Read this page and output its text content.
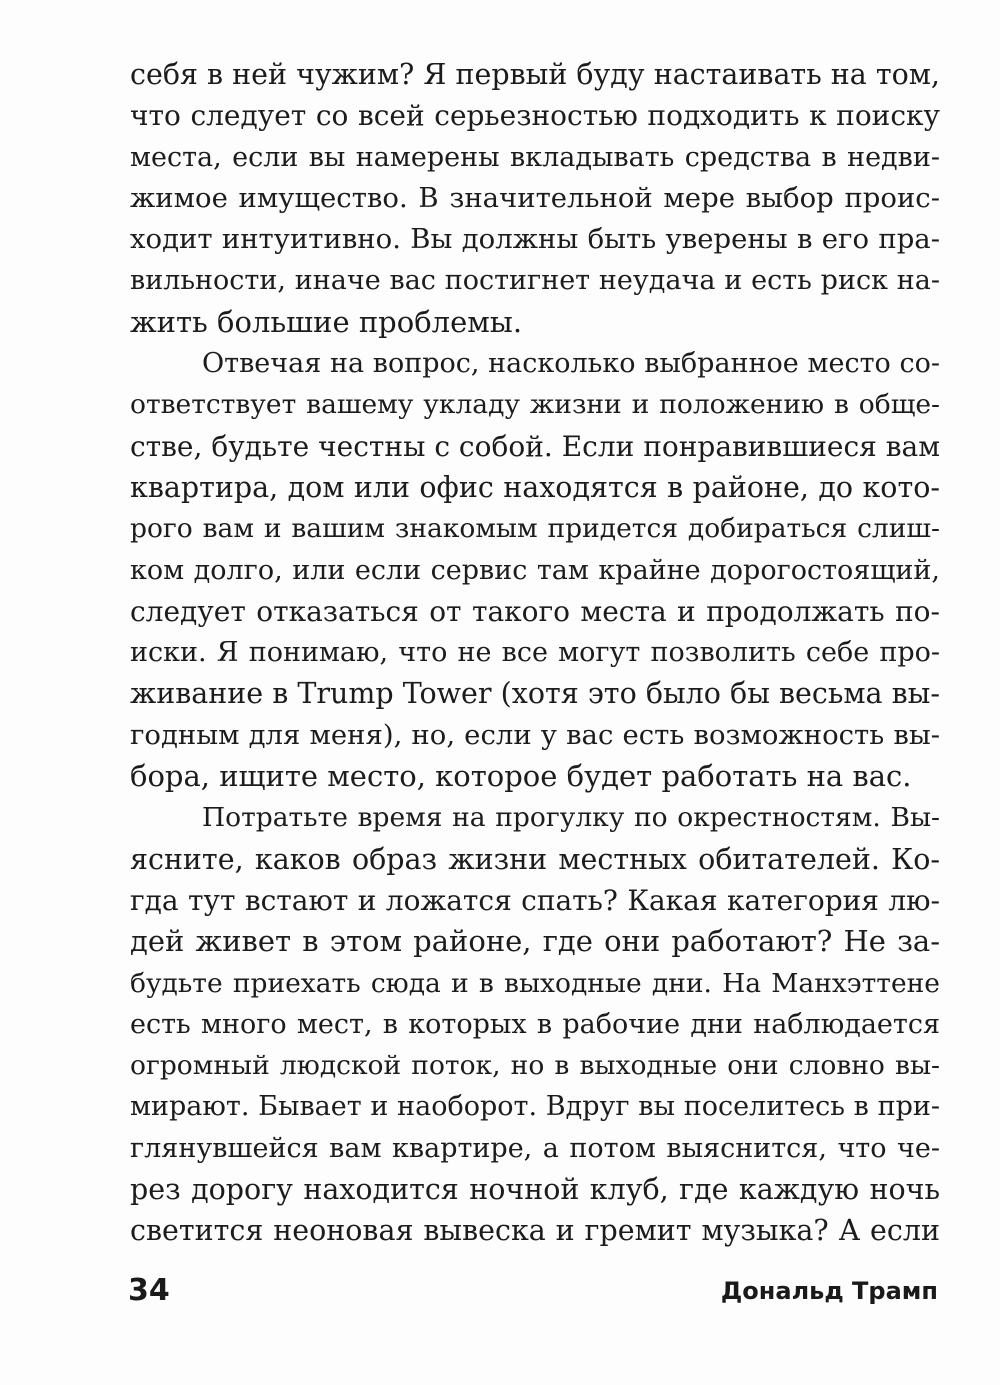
себя в ней чужим? Я первый буду настаивать на том,
что следует со всей серьезностью подходить к поиску
места, если вы намерены вкладывать средства в недви-
жимое имущество. В значительной мере выбор проис-
ходит интуитивно. Вы должны быть уверены в его пра-
вильности, иначе вас постигнет неудача и есть риск на-
жить большие проблемы.
Отвечая на вопрос, насколько выбранное место со-
ответствует вашему укладу жизни и положению в обще-
стве, будьте честны с собой. Если понравившиеся вам
квартира, дом или офис находятся в районе, до кото-
рого вам и вашим знакомым придется добираться слиш-
ком долго, или если сервис там крайне дорогостоящий,
следует отказаться от такого места и продолжать по-
иски. Я понимаю, что не все могут позволить себе про-
живание в Trump Tower (хотя это было бы весьма вы-
годным для меня), но, если у вас есть возможность вы-
бора, ищите место, которое будет работать на вас.
Потратьте время на прогулку по окрестностям. Вы-
ясните, каков образ жизни местных обитателей. Ко-
гда тут встают и ложатся спать? Какая категория лю-
дей живет в этом районе, где они работают? Не за-
будьте приехать сюда и в выходные дни. На Манхэттене
есть много мест, в которых в рабочие дни наблюдается
огромный людской поток, но в выходные они словно вы-
мирают. Бывает и наоборот. Вдруг вы поселитесь в при-
глянувшейся вам квартире, а потом выяснится, что че-
рез дорогу находится ночной клуб, где каждую ночь
светится неоновая вывеска и гремит музыка? А если
34	Дональд Трамп
